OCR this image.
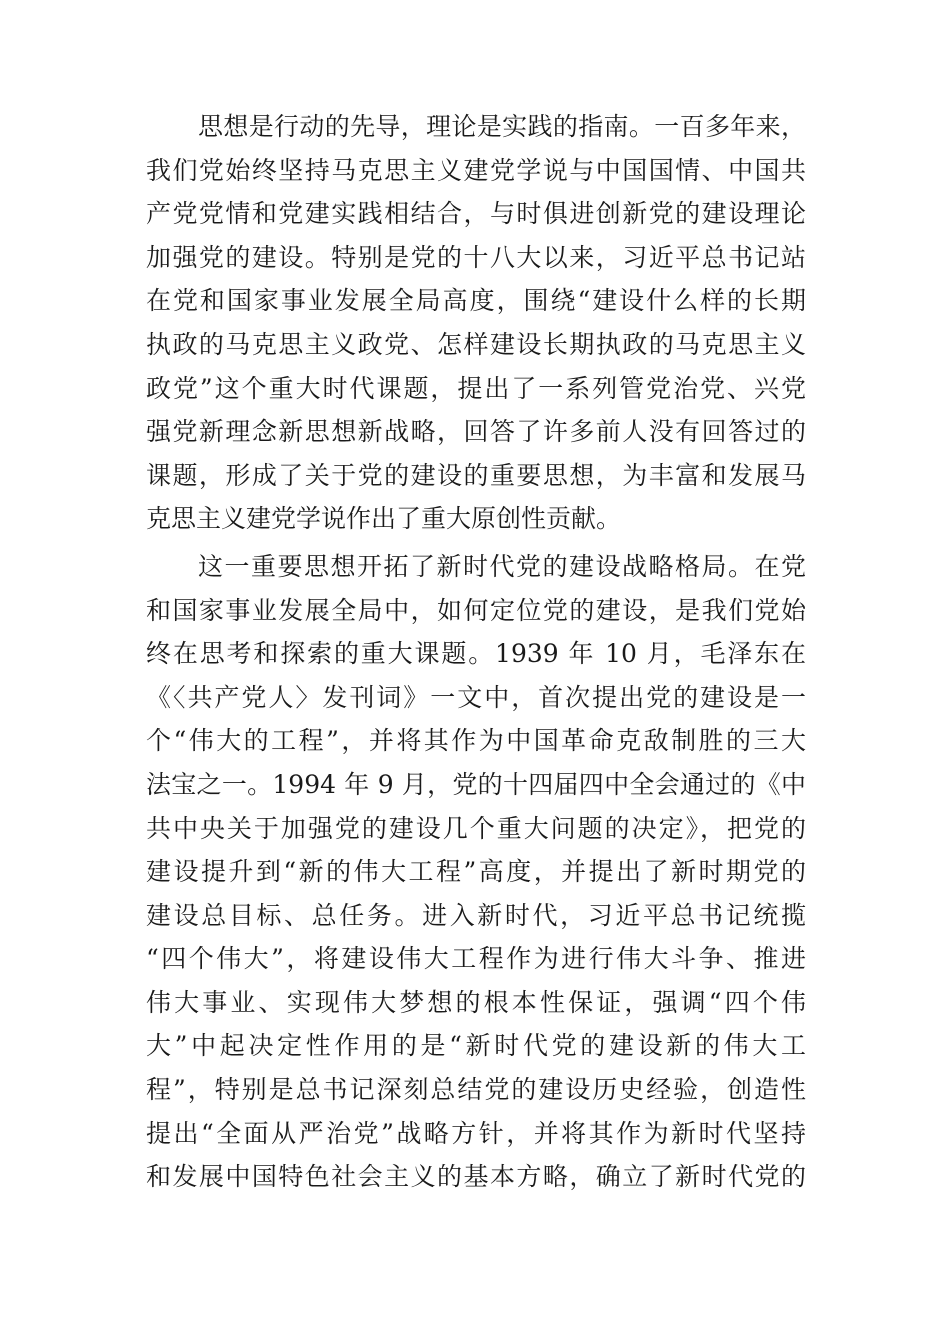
思想是行动的先导，理论是实践的指南。一百多年来，
我们党始终坚持马克思主义建党学说与中国国情、中国共
产党党情和党建实践相结合，与时俱进创新党的建设理论
加强党的建设。特别是党的十八大以来，习近平总书记站
在党和国家事业发展全局高度，围绕“建设什么样的长期
执政的马克思主义政党、怎样建设长期执政的马克思主义
政党”这个重大时代课题，提出了一系列管党治党、兴党
强党新理念新思想新战略，回答了许多前人没有回答过的
课题，形成了关于党的建设的重要思想，为丰富和发展马
克思主义建党学说作出了重大原创性贡献。
这一重要思想开拓了新时代党的建设战略格局。在党
和国家事业发展全局中，如何定位党的建设，是我们党始
终在思考和探索的重大课题。1939 年 10 月，毛泽东在
《〈共产党人〉发刊词》一文中，首次提出党的建设是一
个“伟大的工程”，并将其作为中国革命克敌制胜的三大
法宝之一。1994 年 9 月，党的十四届四中全会通过的《中
共中央关于加强党的建设几个重大问题的决定》，把党的
建设提升到“新的伟大工程”高度，并提出了新时期党的
建设总目标、总任务。进入新时代，习近平总书记统揽
“四个伟大”，将建设伟大工程作为进行伟大斗争、推进
伟大事业、实现伟大梦想的根本性保证，强调“四个伟
大”中起决定性作用的是“新时代党的建设新的伟大工
程”，特别是总书记深刻总结党的建设历史经验，创造性
提出“全面从严治党”战略方针，并将其作为新时代坚持
和发展中国特色社会主义的基本方略，确立了新时代党的
